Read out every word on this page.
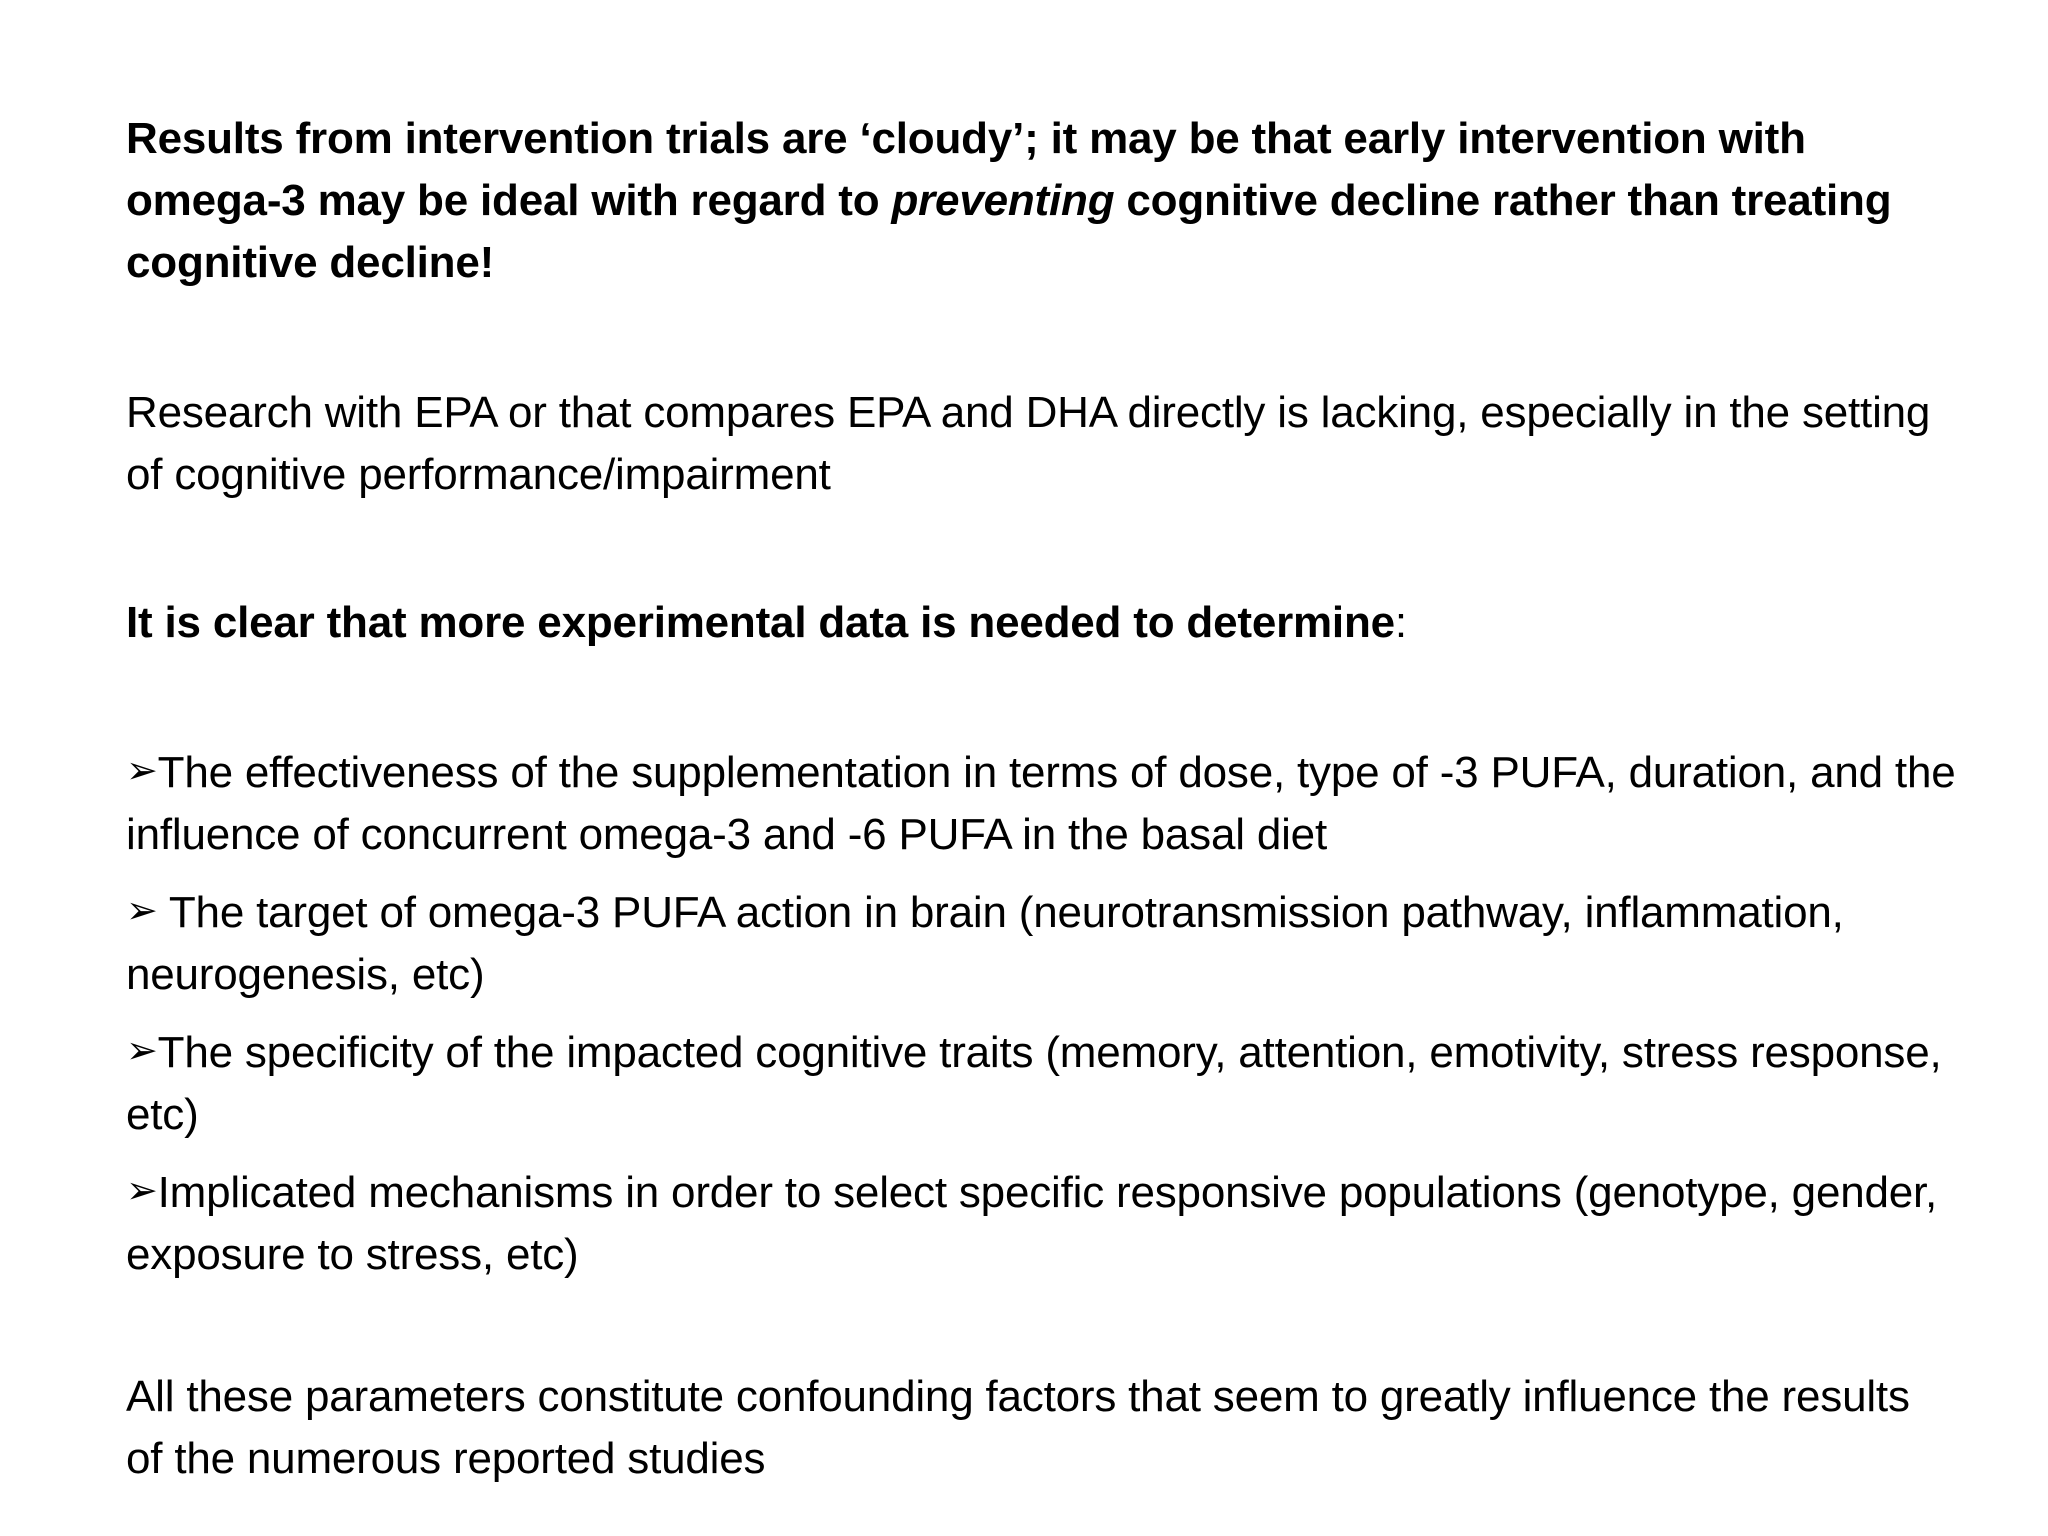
Results from intervention trials are ‘cloudy’; it may be that early intervention with omega-3 may be ideal with regard to preventing cognitive decline rather than treating cognitive decline!

Research with EPA or that compares EPA and DHA directly is lacking, especially in the setting of cognitive performance/impairment

It is clear that more experimental data is needed to determine:

➢The effectiveness of the supplementation in terms of dose, type of -3 PUFA, duration, and the influence of concurrent omega-3 and -6 PUFA in the basal diet

➢ The target of omega-3 PUFA action in brain (neurotransmission pathway, inflammation, neurogenesis, etc)

➢The specificity of the impacted cognitive traits (memory, attention, emotivity, stress response, etc)

➢Implicated mechanisms in order to select specific responsive populations (genotype, gender, exposure to stress, etc)

All these parameters constitute confounding factors that seem to greatly influence the results of the numerous reported studies
